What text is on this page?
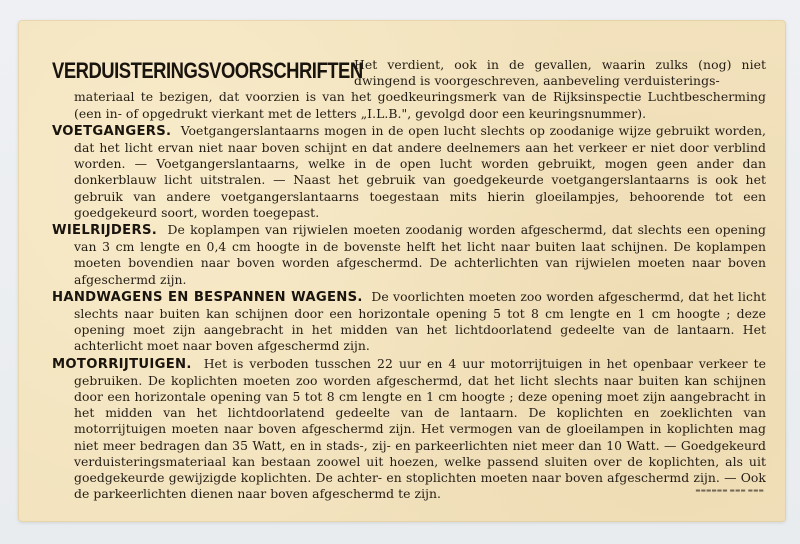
VERDUISTERINGSVOORSCHRIFTEN
Het verdient, ook in de gevallen, waarin zulks (nog) niet dwingend is voorgeschreven, aanbeveling verduisterings-
materiaal te bezigen, dat voorzien is van het goedkeuringsmerk van de Rijksinspectie Luchtbescherming (een in- of opgedrukt vierkant met de letters „I.L.B.", gevolgd door een keuringsnummer).

VOETGANGERS. Voetgangerslantaarns mogen in de open lucht slechts op zoodanige wijze gebruikt worden, dat het licht ervan niet naar boven schijnt en dat andere deelnemers aan het verkeer er niet door verblind worden. — Voetgangerslantaarns, welke in de open lucht worden gebruikt, mogen geen ander dan donkerblauw licht uitstralen. — Naast het gebruik van goedgekeurde voetgangerslantaarns is ook het gebruik van andere voetgangerslantaarns toegestaan mits hierin gloeilampjes, behoorende tot een goedgekeurd soort, worden toegepast.

WIELRIJDERS. De koplampen van rijwielen moeten zoodanig worden afgeschermd, dat slechts een opening van 3 cm lengte en 0,4 cm hoogte in de bovenste helft het licht naar buiten laat schijnen. De koplampen moeten bovendien naar boven worden afgeschermd. De achterlichten van rijwielen moeten naar boven afgeschermd zijn.

HANDWAGENS EN BESPANNEN WAGENS. De voorlichten moeten zoo worden afgeschermd, dat het licht slechts naar buiten kan schijnen door een horizontale opening 5 tot 8 cm lengte en 1 cm hoogte ; deze opening moet zijn aangebracht in het midden van het lichtdoorlatend gedeelte van de lantaarn. Het achterlicht moet naar boven afgeschermd zijn.

MOTORRIJTUIGEN. Het is verboden tusschen 22 uur en 4 uur motorrijtuigen in het openbaar verkeer te gebruiken. De koplichten moeten zoo worden afgeschermd, dat het licht slechts naar buiten kan schijnen door een horizontale opening van 5 tot 8 cm lengte en 1 cm hoogte ; deze opening moet zijn aangebracht in het midden van het lichtdoorlatend gedeelte van de lantaarn. De koplichten en zoeklichten van motorrijtuigen moeten naar boven afgeschermd zijn. Het vermogen van de gloeilampen in koplichten mag niet meer bedragen dan 35 Watt, en in stads-, zij- en parkeerlichten niet meer dan 10 Watt. — Goedgekeurd verduisteringsmateriaal kan bestaan zoowel uit hoezen, welke passend sluiten over de koplichten, als uit goedgekeurde gewijzigde koplichten. De achter- en stoplichten moeten naar boven afgeschermd zijn. — Ook de parkeerlichten dienen naar boven afgeschermd te zijn.	▬▬▬▬▬▬ ▬▬▬ ▬▬▬
